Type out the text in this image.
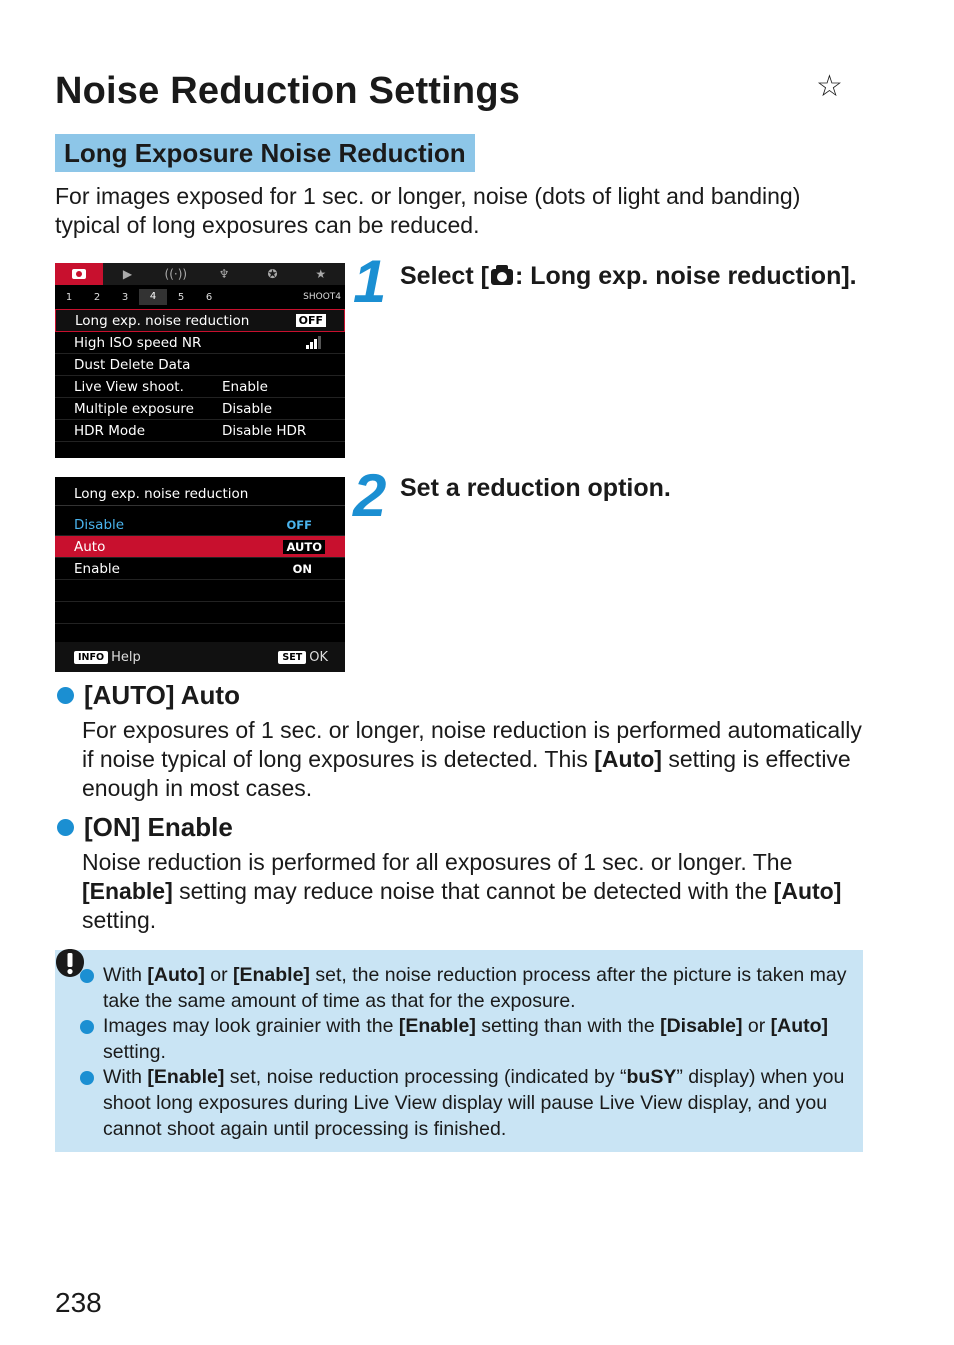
Noise Reduction Settings	☆
Long Exposure Noise Reduction
For images exposed for 1 sec. or longer, noise (dots of light and banding) typical of long exposures can be reduced.
▶	((·))	♆	✪	★
1	2	3	4	5	6	SHOOT4
Long exp. noise reduction	OFF
High ISO speed NR
Dust Delete Data
Live View shoot.	Enable
Multiple exposure Disable
HDR Mode	Disable HDR
Long exp. noise reduction
Disable	OFF
Auto	AUTO
Enable	ON
INFO Help	SET OK
1 Select [ : Long exp. noise reduction].
2 Set a reduction option.
[AUTO] Auto
For exposures of 1 sec. or longer, noise reduction is performed automatically if noise typical of long exposures is detected. This [Auto] setting is effective enough in most cases.
[ON] Enable
Noise reduction is performed for all exposures of 1 sec. or longer. The [Enable] setting may reduce noise that cannot be detected with the [Auto] setting.
With [Auto] or [Enable] set, the noise reduction process after the picture is taken may take the same amount of time as that for the exposure.
Images may look grainier with the [Enable] setting than with the [Disable] or [Auto] setting.
With [Enable] set, noise reduction processing (indicated by “buSY” display) when you shoot long exposures during Live View display will pause Live View display, and you cannot shoot again until processing is finished.
238
